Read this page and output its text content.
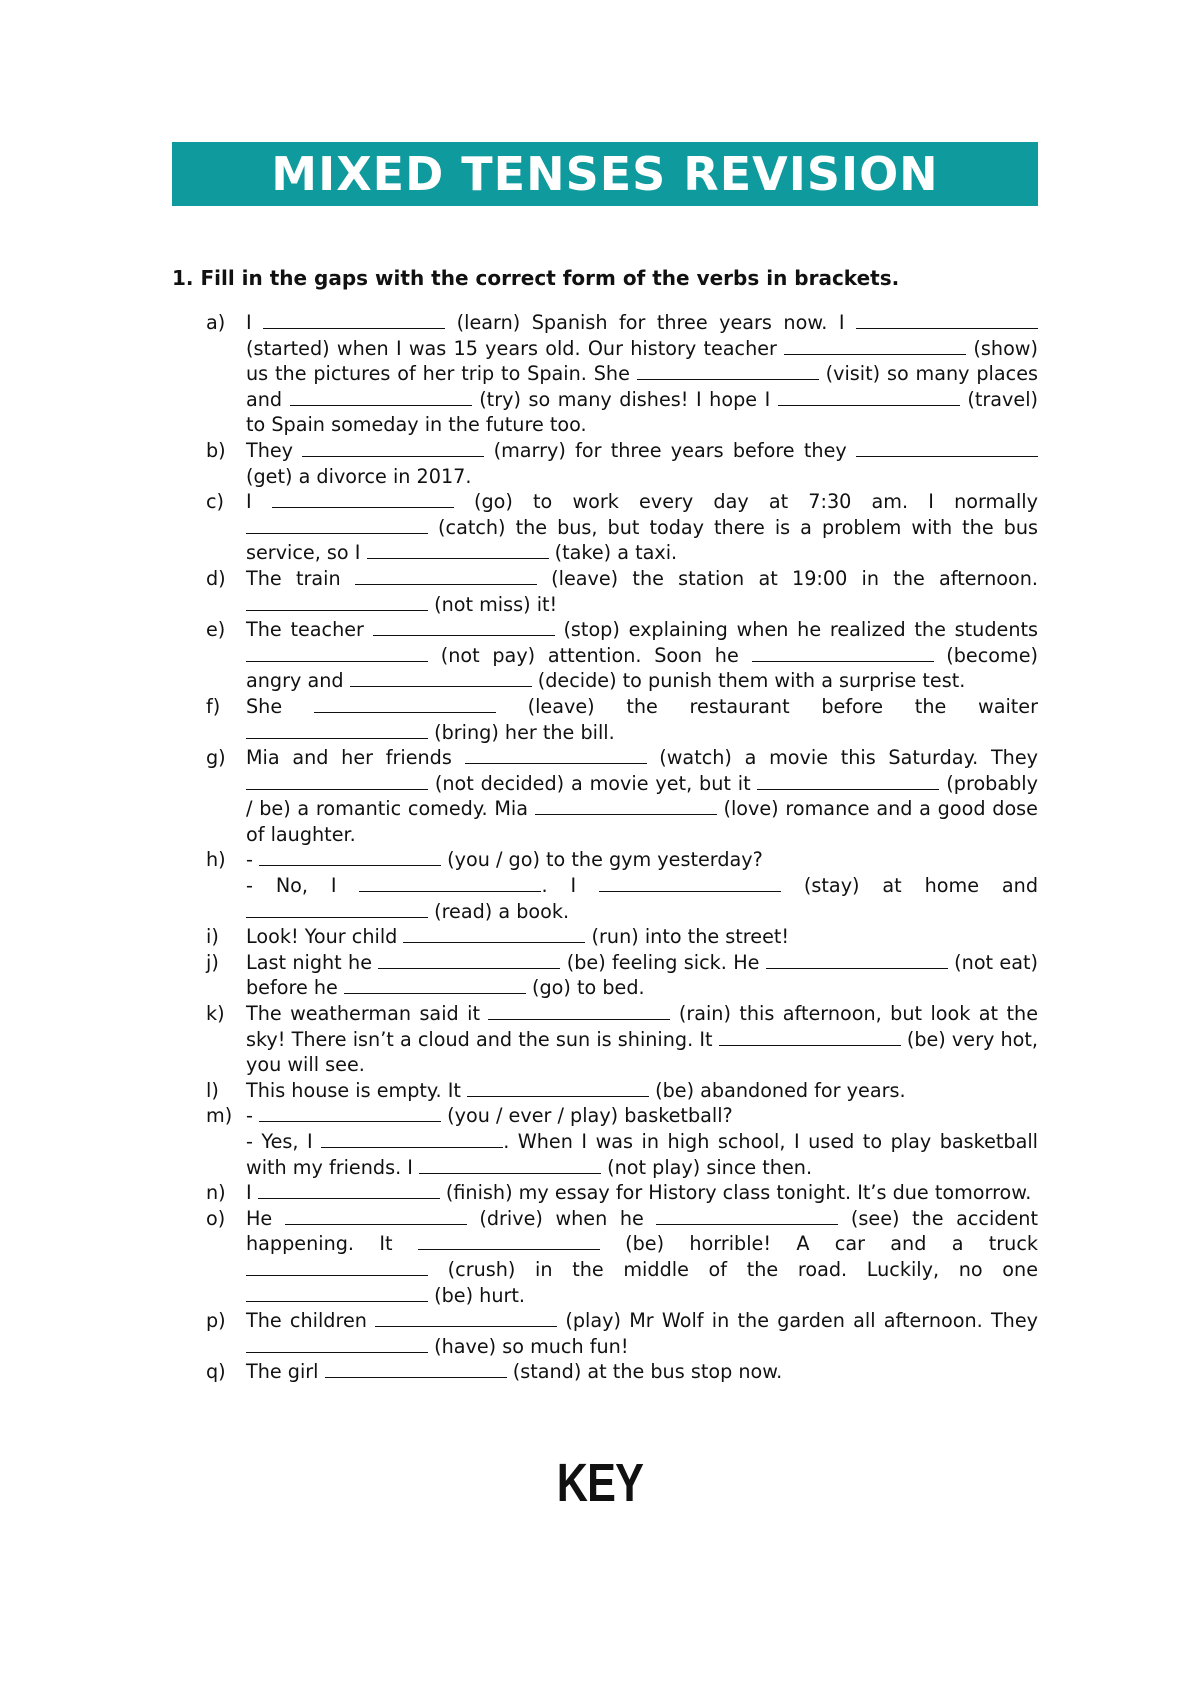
MIXED TENSES REVISION
1. Fill in the gaps with the correct form of the verbs in brackets.
a)	I	(learn) Spanish for three years now. I  (started) when I was 15 years old. Our history teacher	(show) us the pictures of her trip to Spain. She	(visit) so many places and	(try) so many dishes! I hope I	(travel) to Spain someday in the future too.
b)	They	(marry) for three years before they  (get) a divorce in 2017.
c)	I	(go) to work every day at 7:30 am. I normally  (catch) the bus, but today there is a problem with the bus service, so I	(take) a taxi.
d)	The train	(leave) the station at 19:00 in the afternoon.  (not miss) it!
e)	The teacher	(stop) explaining when he realized the students  (not pay) attention. Soon he	(become) angry and	(decide) to punish them with a surprise test.
f)	She	(leave) the restaurant before the waiter  (bring) her the bill.
g)	Mia and her friends	(watch) a movie this Saturday. They  (not decided) a movie yet, but it	(probably / be) a romantic comedy. Mia	(love) romance and a good dose of laughter.
h)	-	(you / go) to the gym yesterday?
- No, I	. I	(stay) at home and  (read) a book.
i)	Look! Your child	(run) into the street!
j)	Last night he	(be) feeling sick. He	(not eat) before he	(go) to bed.
k)	The weatherman said it	(rain) this afternoon, but look at the sky! There isn’t a cloud and the sun is shining. It	(be) very hot, you will see.
l)	This house is empty. It	(be) abandoned for years.
m) -	(you / ever / play) basketball?
- Yes, I	. When I was in high school, I used to play basketball with my friends. I	(not play) since then.
n)	I	(finish) my essay for History class tonight. It’s due tomorrow.
o)	He	(drive) when he	(see) the accident happening. It	(be) horrible! A car and a truck  (crush) in the middle of the road. Luckily, no one  (be) hurt.
p)	The children	(play) Mr Wolf in the garden all afternoon. They  (have) so much fun!
q)	The girl	(stand) at the bus stop now.
KEY
